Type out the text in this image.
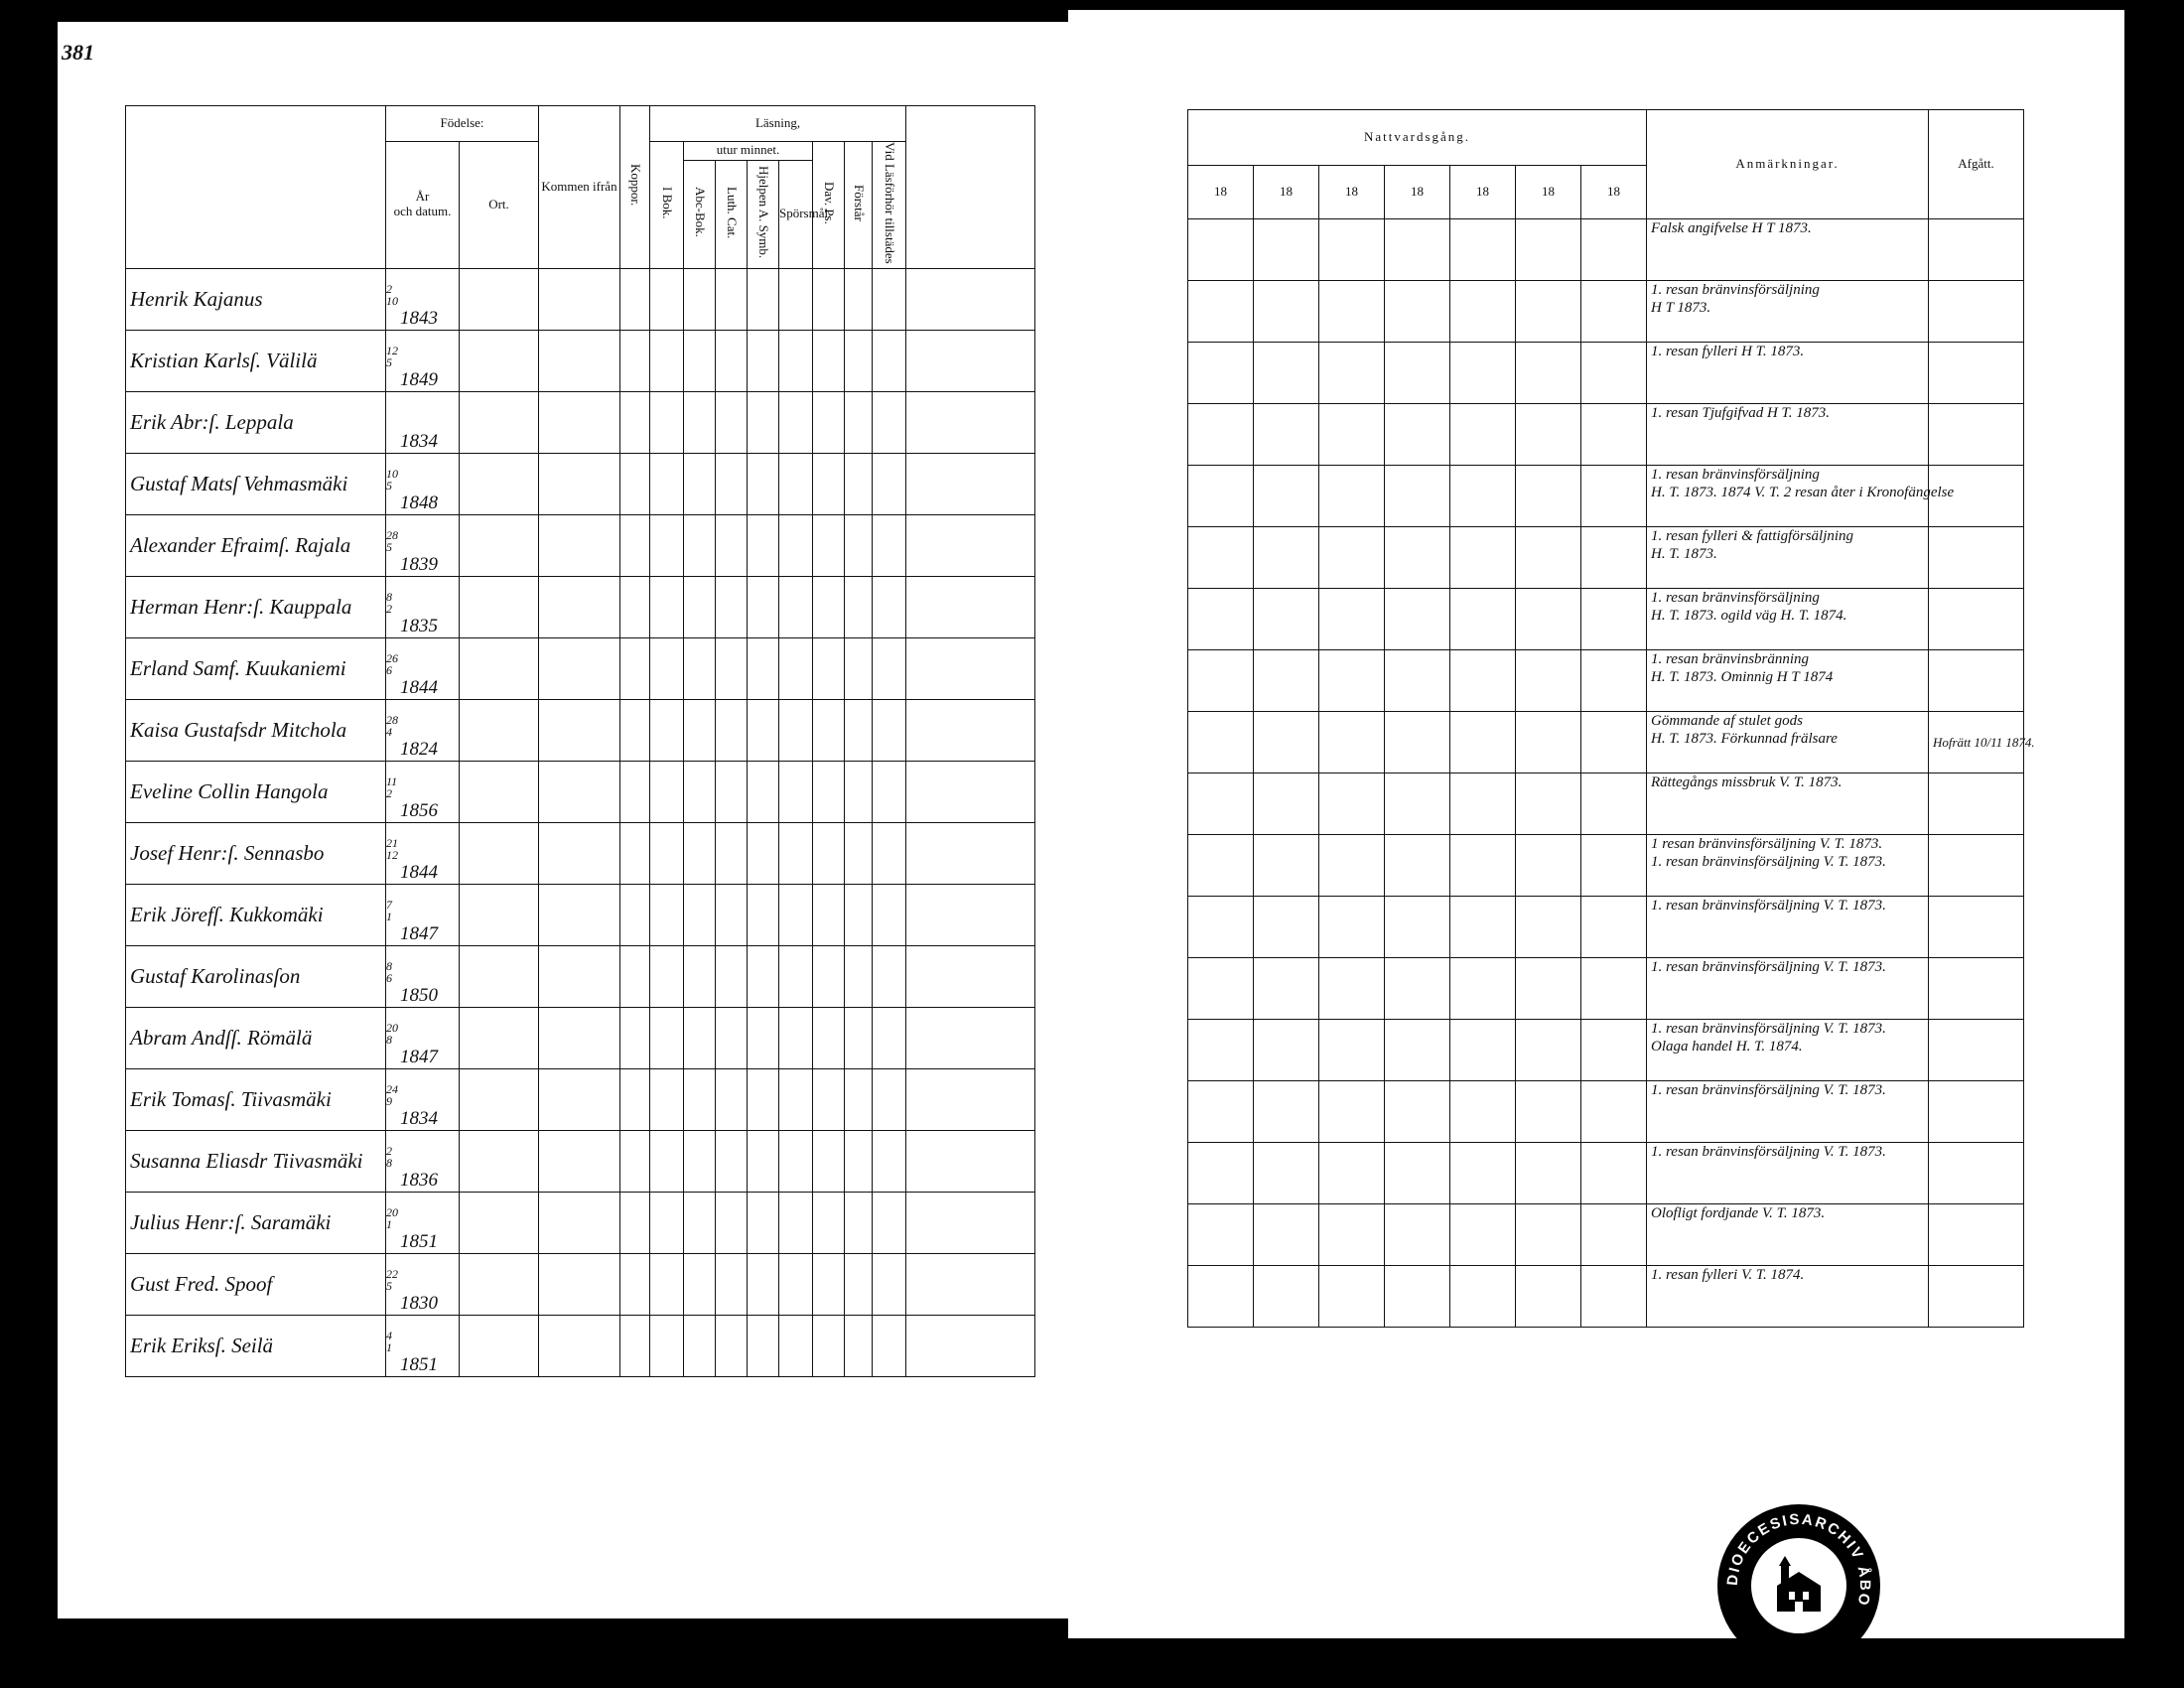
381
	Födelse:		Kommen ifrån	Koppor.	Läsning,								
	År
och datum.	Ort.			I Bok.	utur minnet.				Dav. Ps.	Förstår	Vid Läsförhör tillstädes	
						Abc-Bok.	Luth. Cat.	Hjelpen A. Symb.	Spörsmål.				
Henrik Kajanus	2
10
1843												
Kristian Karlsſ. Välilä	12
5
1849												
Erik Abr:ſ. Leppala	1834												
Gustaf Matsſ Vehmasmäki	10
5
1848												
Alexander Efraimſ. Rajala	28
5
1839												
Herman Henr:ſ. Kauppala	8
2
1835												
Erland Samf. Kuukaniemi	26
6
1844												
Kaisa Gustafsdr Mitchola	28
4
1824												
Eveline Collin Hangola	11
2
1856												
Josef Henr:ſ. Sennasbo	21
12
1844												
Erik Jörefſ. Kukkomäki	7
1
1847												
Gustaf Karolinasſon	8
6
1850												
Abram Andſſ. Römälä	20
8
1847												
Erik Tomasſ. Tiivasmäki	24
9
1834												
Susanna Eliasdr Tiivasmäki	2
8
1836												
Julius Henr:ſ. Saramäki	20
1
1851												
Gust Fred. Spoof	22
5
1830												
Erik Eriksſ. Seilä	4
1
1851												
Nattvardsgång.							Anmärkningar.	Afgått.
18	18	18	18	18	18	18		

							Falsk angifvelse H T 1873.	

							1. resan bränvinsförsäljning
H T 1873.	

							1. resan fylleri H T. 1873.	

							1. resan Tjufgifvad H T. 1873.	

							1. resan bränvinsförsäljning
H. T. 1873. 1874 V. T. 2 resan åter i Kronofängelse	

							1. resan fylleri & fattigförsäljning
H. T. 1873.	

							1. resan bränvinsförsäljning
H. T. 1873. ogild väg H. T. 1874.	

							1. resan bränvinsbränning
H. T. 1873. Ominnig H T 1874	

							Gömmande af stulet gods
H. T. 1873. Förkunnad frälsare	Hofrätt 10/11 1874.

							Rättegångs missbruk V. T. 1873.	

							1 resan bränvinsförsäljning V. T. 1873.
1. resan bränvinsförsäljning V. T. 1873.	

							1. resan bränvinsförsäljning V. T. 1873.	

							1. resan bränvinsförsäljning V. T. 1873.	

							1. resan bränvinsförsäljning V. T. 1873.
Olaga handel H. T. 1874.	

							1. resan bränvinsförsäljning V. T. 1873.	

							1. resan bränvinsförsäljning V. T. 1873.	

							Olofligt fordjande V. T. 1873.	

							1. resan fylleri V. T. 1874.	

DIOECESISARCHIV ÅBO
